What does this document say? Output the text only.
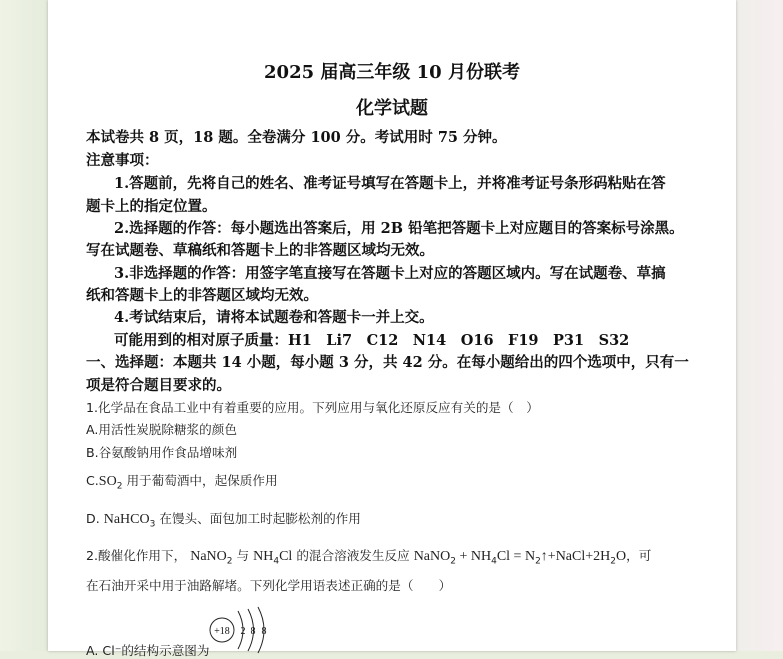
2025 届高三年级 10 月份联考
化学试题
本试卷共 8 页，18 题。全卷满分 100 分。考试用时 75 分钟。
注意事项：
1.答题前，先将自己的姓名、准考证号填写在答题卡上，并将准考证号条形码粘贴在答
题卡上的指定位置。
2.选择题的作答：每小题选出答案后，用 2B 铅笔把答题卡上对应题目的答案标号涂黑。
写在试题卷、草稿纸和答题卡上的非答题区域均无效。
3.非选择题的作答：用签字笔直接写在答题卡上对应的答题区域内。写在试题卷、草搞
纸和答题卡上的非答题区域均无效。
4.考试结束后，请将本试题卷和答题卡一并上交。
可能用到的相对原子质量：H1　Li7　C12　N14　O16　F19　P31　S32
一、选择题：本题共 14 小题，每小题 3 分，共 42 分。在每小题给出的四个选项中，只有一
项是符合题目要求的。
1.化学品在食品工业中有着重要的应用。下列应用与氧化还原反应有关的是（　）
A.用活性炭脱除糖浆的颜色
B.谷氨酸钠用作食品增味剂
$C.SO_2$ 用于葡萄酒中，起保质作用
D. NaHCO$_3$ 在馒头、面包加工时起膨松剂的作用
2.酸催化作用下， NaNO$_2$ 与 $NH_4Cl$ 的混合溶液发生反应 NaNO$_2$ + $NH_4Cl$ = $N_2↑+NaCl+2H_2O$，可
在石油开采中用于油路解堵。下列化学用语表述正确的是（　　）
+18 2 8 8
A. Cl⁻的结构示意图为
